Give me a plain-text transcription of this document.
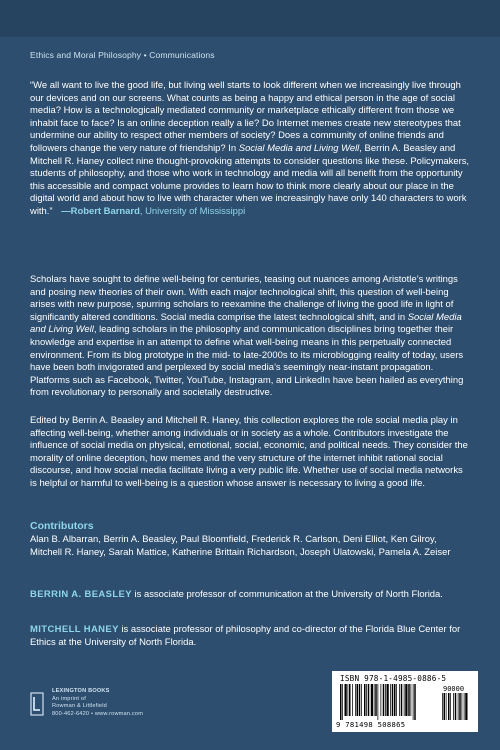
Ethics and Moral Philosophy • Communications
“We all want to live the good life, but living well starts to look different when we increasingly live through our devices and on our screens. What counts as being a happy and ethical person in the age of social media? How is a technologically mediated community or marketplace ethically different from those we inhabit face to face? Is an online deception really a lie? Do Internet memes create new stereotypes that undermine our ability to respect other members of society? Does a community of online friends and followers change the very nature of friendship? In Social Media and Living Well, Berrin A. Beasley and Mitchell R. Haney collect nine thought-provoking attempts to consider questions like these. Policymakers, students of philosophy, and those who work in technology and media will all benefit from the opportunity this accessible and compact volume provides to learn how to think more clearly about our place in the digital world and about how to live with character when we increasingly have only 140 characters to work with.” —Robert Barnard, University of Mississippi
Scholars have sought to define well-being for centuries, teasing out nuances among Aristotle’s writings and posing new theories of their own. With each major technological shift, this question of well-being arises with new purpose, spurring scholars to reexamine the challenge of living the good life in light of significantly altered conditions. Social media comprise the latest technological shift, and in Social Media and Living Well, leading scholars in the philosophy and communication disciplines bring together their knowledge and expertise in an attempt to define what well-being means in this perpetually connected environment. From its blog prototype in the mid- to late-2000s to its microblogging reality of today, users have been both invigorated and perplexed by social media’s seemingly near-instant propagation. Platforms such as Facebook, Twitter, YouTube, Instagram, and LinkedIn have been hailed as everything from revolutionary to personally and societally destructive.
Edited by Berrin A. Beasley and Mitchell R. Haney, this collection explores the role social media play in affecting well-being, whether among individuals or in society as a whole. Contributors investigate the influence of social media on physical, emotional, social, economic, and political needs. They consider the morality of online deception, how memes and the very structure of the internet inhibit rational social discourse, and how social media facilitate living a very public life. Whether use of social media networks is helpful or harmful to well-being is a question whose answer is necessary to living a good life.
Contributors
Alan B. Albarran, Berrin A. Beasley, Paul Bloomfield, Frederick R. Carlson, Deni Elliot, Ken Gilroy, Mitchell R. Haney, Sarah Mattice, Katherine Brittain Richardson, Joseph Ulatowski, Pamela A. Zeiser
BERRIN A. BEASLEY is associate professor of communication at the University of North Florida.
MITCHELL HANEY is associate professor of philosophy and co-director of the Florida Blue Center for Ethics at the University of North Florida.
LEXINGTON BOOKS
An imprint of
Rowman & Littlefield
800-462-6420 • www.rowman.com
ISBN 978-1-4985-0886-5
90000
9 781498 508865
